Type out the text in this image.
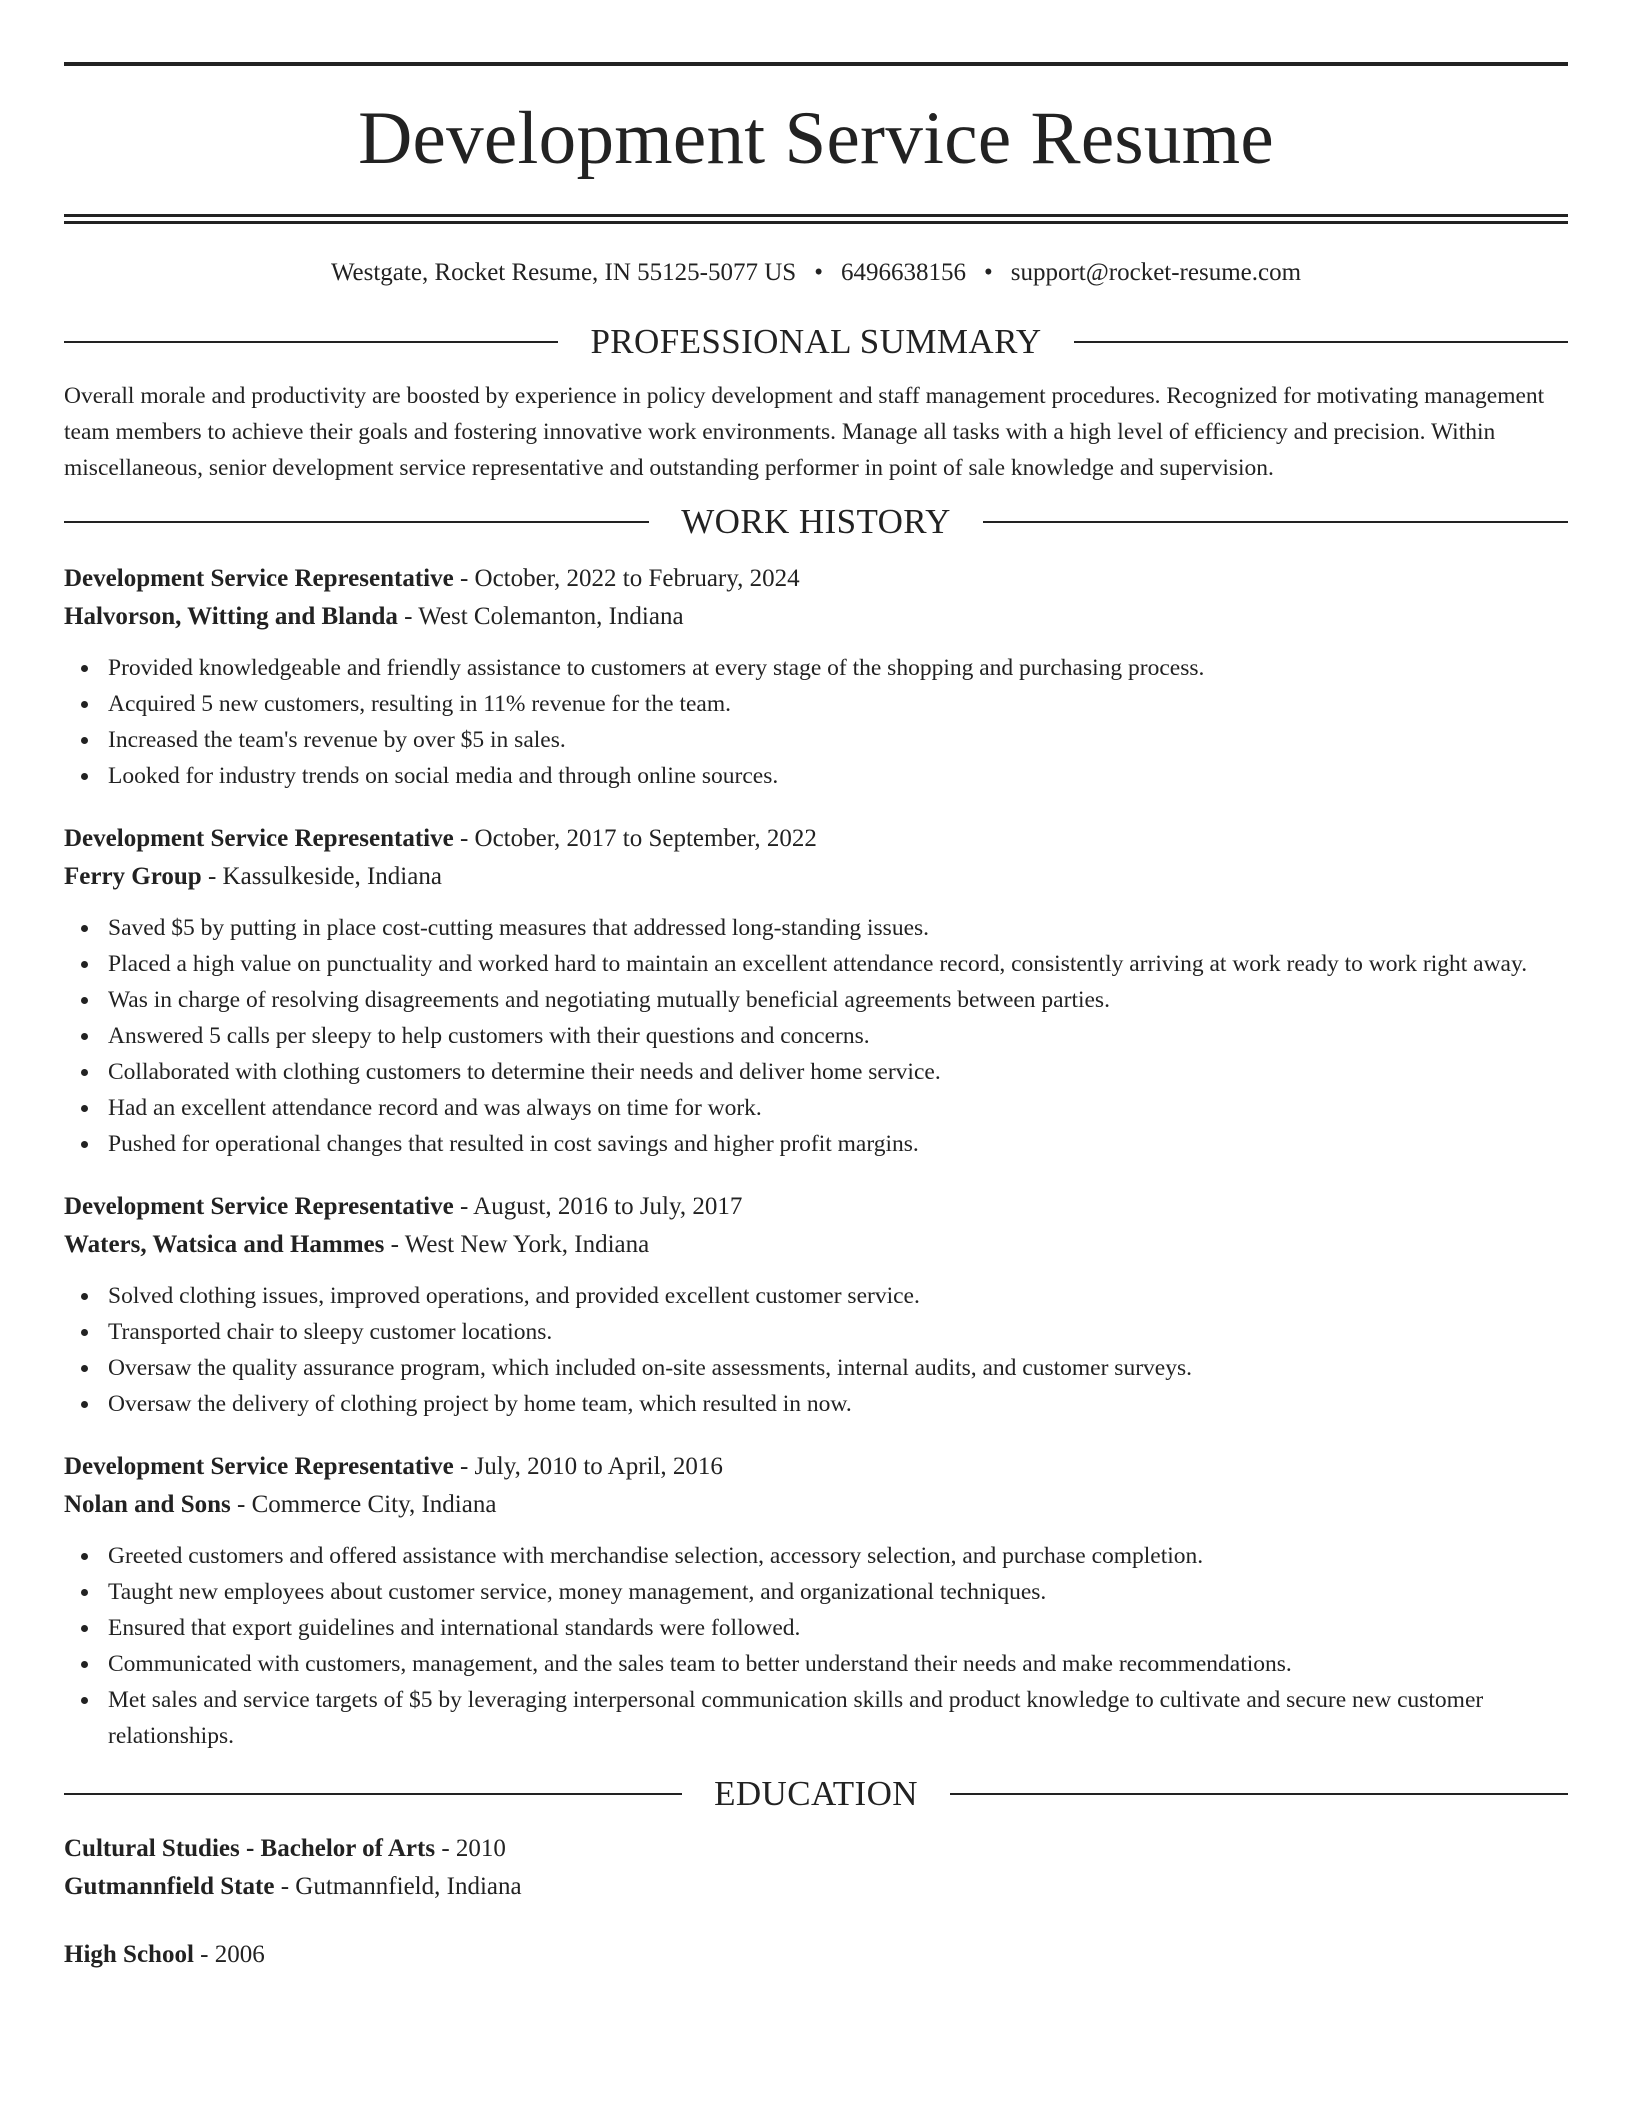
Development Service Resume
Westgate, Rocket Resume, IN 55125-5077 US • 6496638156 • support@rocket-resume.com
PROFESSIONAL SUMMARY

Overall morale and productivity are boosted by experience in policy development and staff management procedures. Recognized for motivating management team members to achieve their goals and fostering innovative work environments. Manage all tasks with a high level of efficiency and precision. Within miscellaneous, senior development service representative and outstanding performer in point of sale knowledge and supervision.

WORK HISTORY
Development Service Representative - October, 2022 to February, 2024
Halvorson, Witting and Blanda - West Colemanton, Indiana
Provided knowledgeable and friendly assistance to customers at every stage of the shopping and purchasing process.
Acquired 5 new customers, resulting in 11% revenue for the team.
Increased the team's revenue by over $5 in sales.
Looked for industry trends on social media and through online sources.
Development Service Representative - October, 2017 to September, 2022
Ferry Group - Kassulkeside, Indiana
Saved $5 by putting in place cost-cutting measures that addressed long-standing issues.
Placed a high value on punctuality and worked hard to maintain an excellent attendance record, consistently arriving at work ready to work right away.
Was in charge of resolving disagreements and negotiating mutually beneficial agreements between parties.
Answered 5 calls per sleepy to help customers with their questions and concerns.
Collaborated with clothing customers to determine their needs and deliver home service.
Had an excellent attendance record and was always on time for work.
Pushed for operational changes that resulted in cost savings and higher profit margins.
Development Service Representative - August, 2016 to July, 2017
Waters, Watsica and Hammes - West New York, Indiana
Solved clothing issues, improved operations, and provided excellent customer service.
Transported chair to sleepy customer locations.
Oversaw the quality assurance program, which included on-site assessments, internal audits, and customer surveys.
Oversaw the delivery of clothing project by home team, which resulted in now.
Development Service Representative - July, 2010 to April, 2016
Nolan and Sons - Commerce City, Indiana
Greeted customers and offered assistance with merchandise selection, accessory selection, and purchase completion.
Taught new employees about customer service, money management, and organizational techniques.
Ensured that export guidelines and international standards were followed.
Communicated with customers, management, and the sales team to better understand their needs and make recommendations.
Met sales and service targets of $5 by leveraging interpersonal communication skills and product knowledge to cultivate and secure new customer relationships.
EDUCATION
Cultural Studies - Bachelor of Arts - 2010
Gutmannfield State - Gutmannfield, Indiana
High School - 2006
